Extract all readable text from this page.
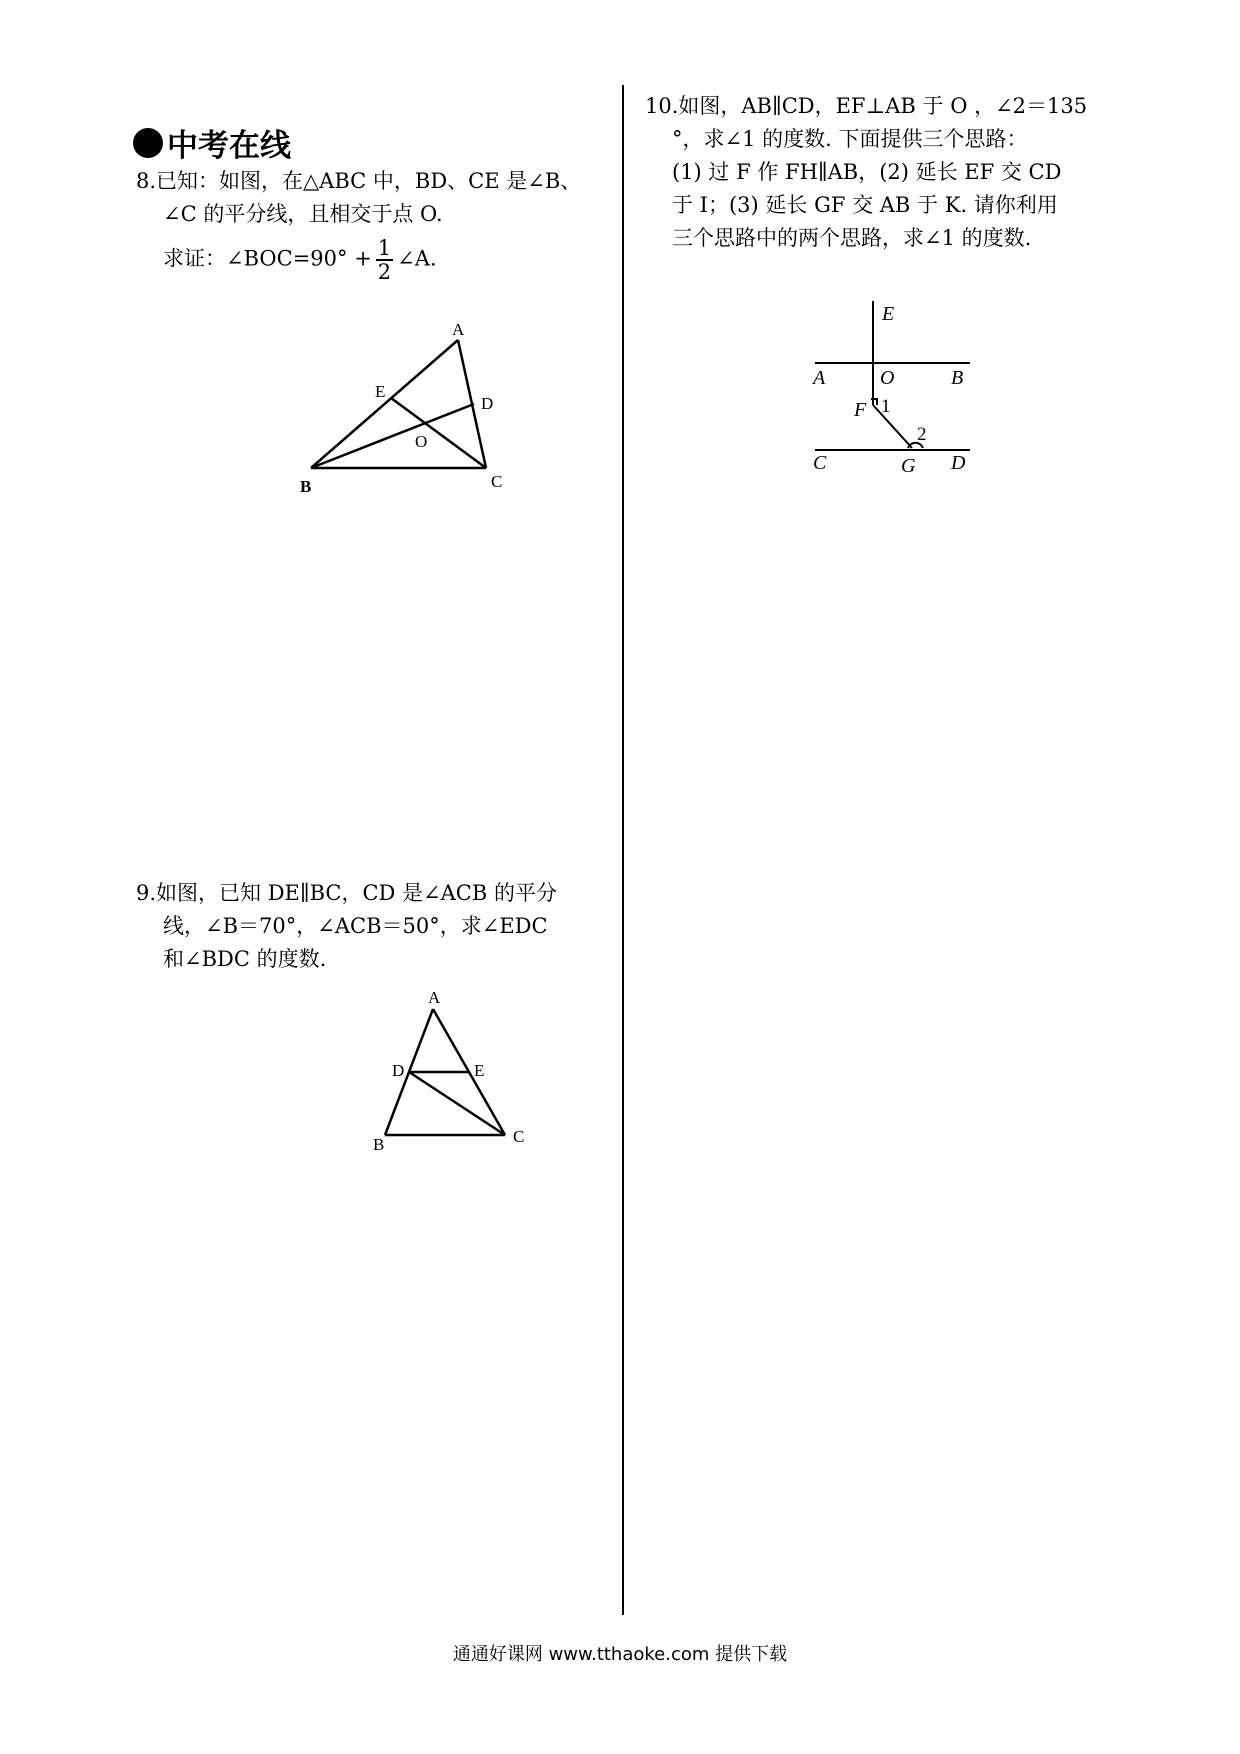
中考在线
8.已知：如图，在△ABC 中，BD、CE 是∠B、
∠C 的平分线，且相交于点 O.
求证：∠BOC=90° + $\frac{1}{2}$ ∠A.
A
E
D
O
B	C
9.如图，已知 DE∥BC，CD 是∠ACB 的平分
线，∠B＝70°，∠ACB＝50°，求∠EDC
和∠BDC 的度数.
A
D	E
B	C
10.如图，AB∥CD，EF⊥AB 于 O ，∠2＝135
°，求∠1 的度数. 下面提供三个思路：
(1) 过 F 作 FH∥AB，(2) 延长 EF 交 CD
于 I；(3) 延长 GF 交 AB 于 K. 请你利用
三个思路中的两个思路，求∠1 的度数.
E
A	O	B
F
C	G D
1
2
通通好课网 www.tthaoke.com 提供下载
